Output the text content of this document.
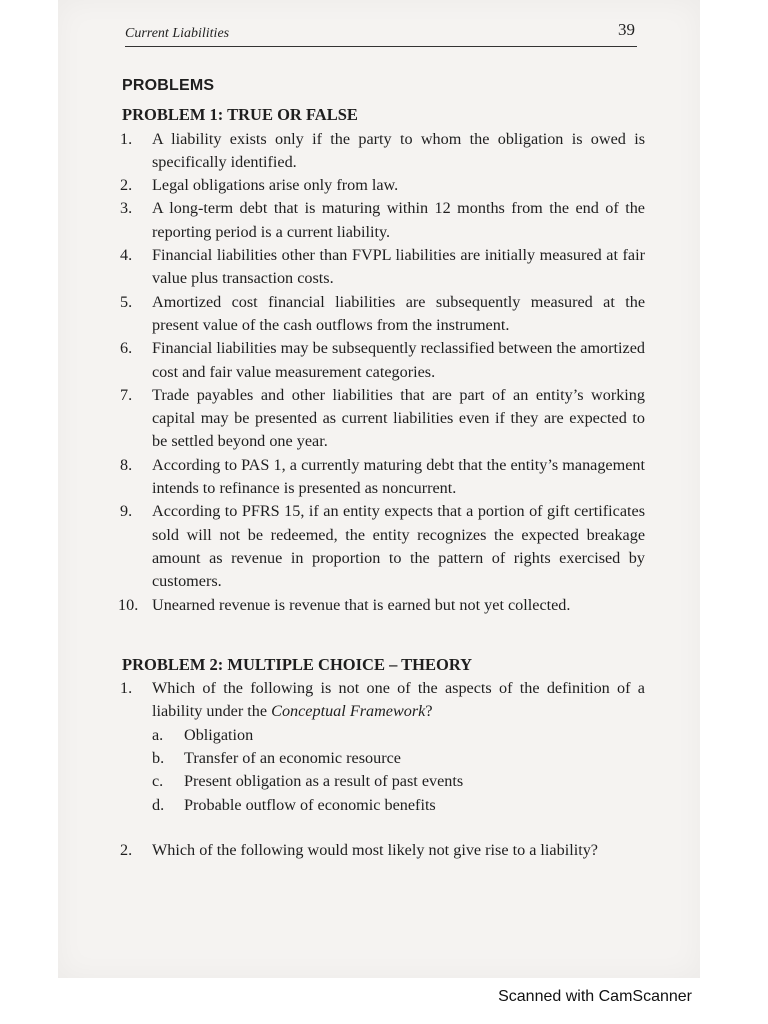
Current Liabilities	39
PROBLEMS
PROBLEM 1: TRUE OR FALSE
1. A liability exists only if the party to whom the obligation is owed is specifically identified.
2. Legal obligations arise only from law.
3. A long-term debt that is maturing within 12 months from the end of the reporting period is a current liability.
4. Financial liabilities other than FVPL liabilities are initially measured at fair value plus transaction costs.
5. Amortized cost financial liabilities are subsequently measured at the present value of the cash outflows from the instrument.
6. Financial liabilities may be subsequently reclassified between the amortized cost and fair value measurement categories.
7. Trade payables and other liabilities that are part of an entity’s working capital may be presented as current liabilities even if they are expected to be settled beyond one year.
8. According to PAS 1, a currently maturing debt that the entity’s management intends to refinance is presented as noncurrent.
9. According to PFRS 15, if an entity expects that a portion of gift certificates sold will not be redeemed, the entity recognizes the expected breakage amount as revenue in proportion to the pattern of rights exercised by customers.
10. Unearned revenue is revenue that is earned but not yet collected.
PROBLEM 2: MULTIPLE CHOICE – THEORY
1. Which of the following is not one of the aspects of the definition of a liability under the Conceptual Framework?
a. Obligation
b. Transfer of an economic resource
c. Present obligation as a result of past events
d. Probable outflow of economic benefits
2. Which of the following would most likely not give rise to a liability?
Scanned with CamScanner
